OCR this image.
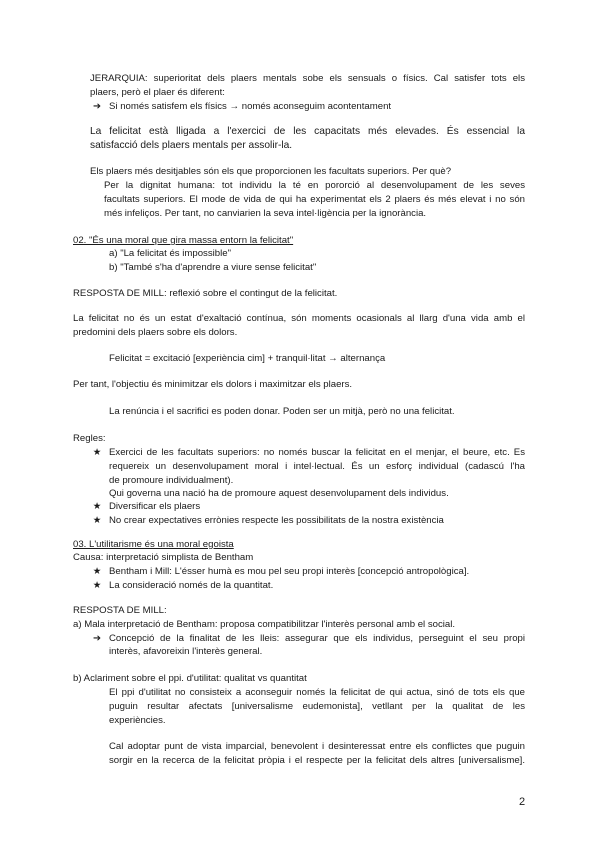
JERARQUIA: superioritat dels plaers mentals sobe els sensuals o físics. Cal satisfer tots els
plaers, però el plaer és diferent:
➔ Si només satisfem els físics → només aconseguim acontentament
La felicitat està lligada a l'exercici de les capacitats més elevades. És essencial la
satisfacció dels plaers mentals per assolir-la.
Els plaers més desitjables són els que proporcionen les facultats superiors. Per què?
Per la dignitat humana: tot individu la té en pororció al desenvolupament de les seves
facultats superiors. El mode de vida de qui ha experimentat els 2 plaers és més elevat i no són
més infeliços. Per tant, no canviarien la seva intel·ligència per la ignorància.
02. "És una moral que gira massa entorn la felicitat"
a) "La felicitat és impossible"
b) "També s'ha d'aprendre a viure sense felicitat"
RESPOSTA DE MILL: reflexió sobre el contingut de la felicitat.
La felicitat no és un estat d'exaltació contínua, són moments ocasionals al llarg d'una vida amb el
predomini dels plaers sobre els dolors.
Felicitat = excitació [experiència cim] + tranquil·litat → alternança
Per tant, l'objectiu és minimitzar els dolors i maximitzar els plaers.
La renúncia i el sacrifici es poden donar. Poden ser un mitjà, però no una felicitat.
Regles:
★ Exercici de les facultats superiors: no només buscar la felicitat en el menjar, el beure, etc. Es
requereix un desenvolupament moral i intel·lectual. És un esforç individual (cadascú l'ha
de promoure individualment).
Qui governa una nació ha de promoure aquest desenvolupament dels individus.
★ Diversificar els plaers
★ No crear expectatives errònies respecte les possibilitats de la nostra existència
03. L'utilitarisme és una moral egoista
Causa: interpretació simplista de Bentham
★ Bentham i Mill: L'ésser humà es mou pel seu propi interès [concepció antropològica].
★ La consideració només de la quantitat.
RESPOSTA DE MILL:
a) Mala interpretació de Bentham: proposa compatibilitzar l'interès personal amb el social.
➔ Concepció de la finalitat de les lleis: assegurar que els individus, perseguint el seu propi
interès, afavoreixin l'interès general.
b) Aclariment sobre el ppi. d'utilitat: qualitat vs quantitat
El ppi d'utilitat no consisteix a aconseguir només la felicitat de qui actua, sinó de tots els que
puguin resultar afectats [universalisme eudemonista], vetllant per la qualitat de les
experiències.
Cal adoptar punt de vista imparcial, benevolent i desinteressat entre els conflictes que puguin
sorgir en la recerca de la felicitat pròpia i el respecte per la felicitat dels altres [universalisme].
2
